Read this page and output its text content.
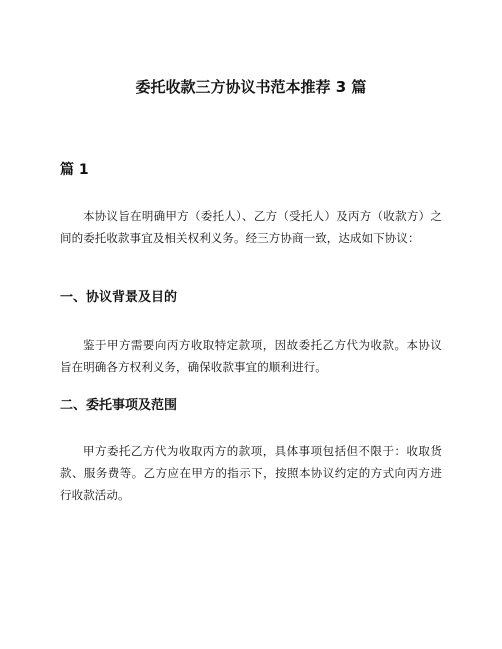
委托收款三方协议书范本推荐 3 篇
篇 1

本协议旨在明确甲方（委托人）、乙方（受托人）及丙方（收款方）之间的委托收款事宜及相关权利义务。经三方协商一致，达成如下协议：

一、协议背景及目的

鉴于甲方需要向丙方收取特定款项，因故委托乙方代为收款。本协议旨在明确各方权利义务，确保收款事宜的顺利进行。

二、委托事项及范围

甲方委托乙方代为收取丙方的款项，具体事项包括但不限于：收取货款、服务费等。乙方应在甲方的指示下，按照本协议约定的方式向丙方进行收款活动。
